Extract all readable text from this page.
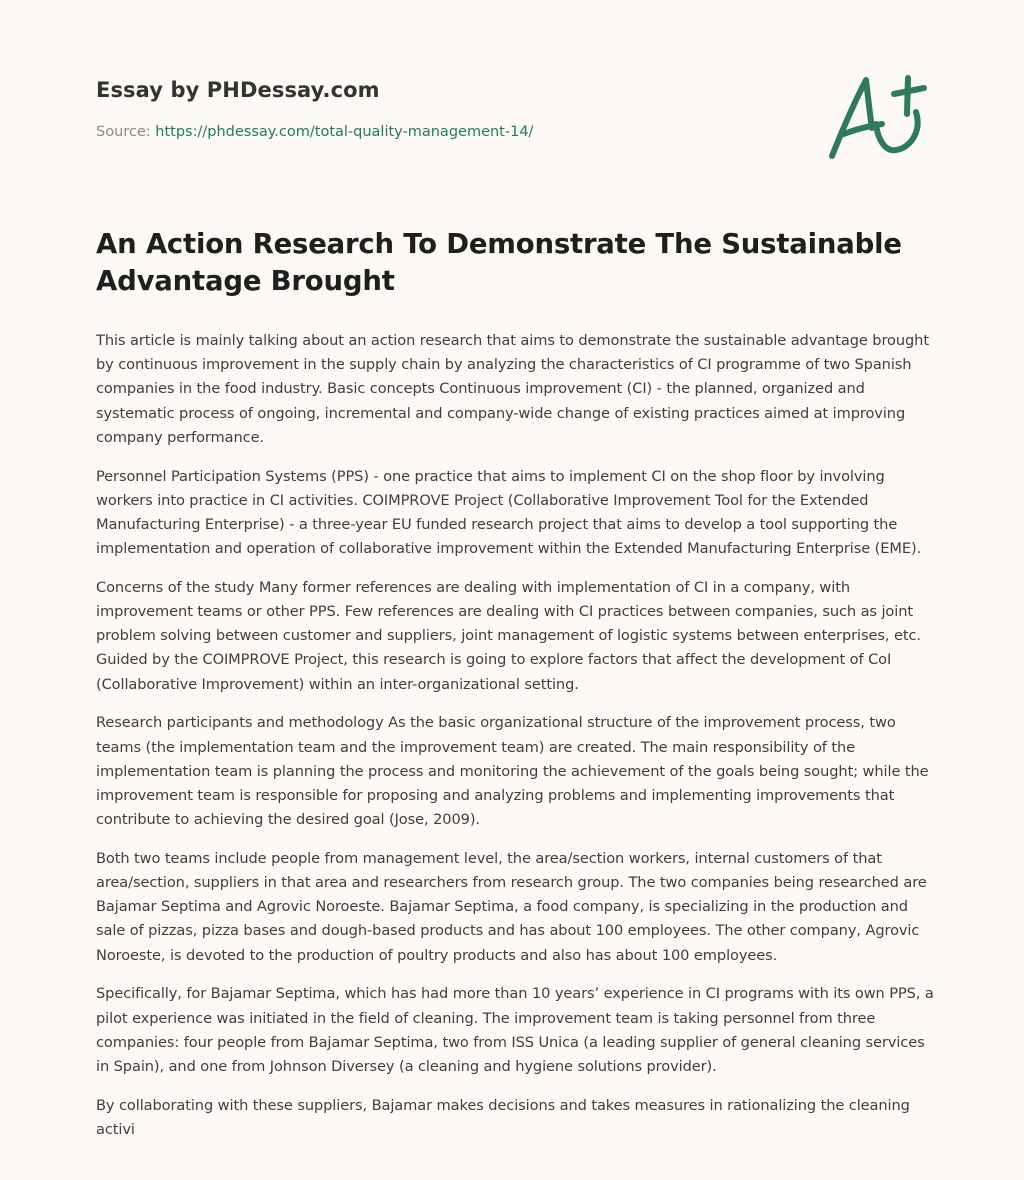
Essay by PHDessay.com
Source: https://phdessay.com/total-quality-management-14/
An Action Research To Demonstrate The Sustainable Advantage Brought

This article is mainly talking about an action research that aims to demonstrate the sustainable advantage brought by continuous improvement in the supply chain by analyzing the characteristics of CI programme of two Spanish companies in the food industry. Basic concepts Continuous improvement (CI) - the planned, organized and systematic process of ongoing, incremental and company-wide change of existing practices aimed at improving company performance.

Personnel Participation Systems (PPS) - one practice that aims to implement CI on the shop floor by involving workers into practice in CI activities. COIMPROVE Project (Collaborative Improvement Tool for the Extended Manufacturing Enterprise) - a three-year EU funded research project that aims to develop a tool supporting the implementation and operation of collaborative improvement within the Extended Manufacturing Enterprise (EME).

Concerns of the study Many former references are dealing with implementation of CI in a company, with improvement teams or other PPS. Few references are dealing with CI practices between companies, such as joint problem solving between customer and suppliers, joint management of logistic systems between enterprises, etc. Guided by the COIMPROVE Project, this research is going to explore factors that affect the development of CoI (Collaborative Improvement) within an inter-organizational setting.

Research participants and methodology As the basic organizational structure of the improvement process, two teams (the implementation team and the improvement team) are created. The main responsibility of the implementation team is planning the process and monitoring the achievement of the goals being sought; while the improvement team is responsible for proposing and analyzing problems and implementing improvements that contribute to achieving the desired goal (Jose, 2009).

Both two teams include people from management level, the area/section workers, internal customers of that area/section, suppliers in that area and researchers from research group. The two companies being researched are Bajamar Septima and Agrovic Noroeste. Bajamar Septima, a food company, is specializing in the production and sale of pizzas, pizza bases and dough-based products and has about 100 employees. The other company, Agrovic Noroeste, is devoted to the production of poultry products and also has about 100 employees.

Specifically, for Bajamar Septima, which has had more than 10 years’ experience in CI programs with its own PPS, a pilot experience was initiated in the field of cleaning. The improvement team is taking personnel from three companies: four people from Bajamar Septima, two from ISS Unica (a leading supplier of general cleaning services in Spain), and one from Johnson Diversey (a cleaning and hygiene solutions provider).

By collaborating with these suppliers, Bajamar makes decisions and takes measures in rationalizing the cleaning activi
